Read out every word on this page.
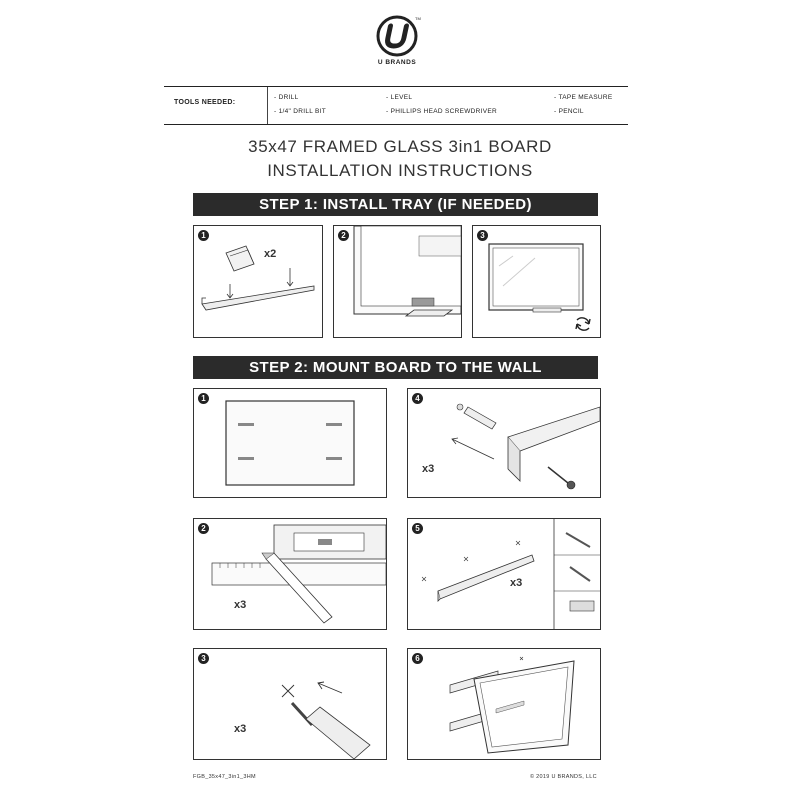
U BRANDS
TM
TOOLS NEEDED:
- DRILL
- 1/4" DRILL BIT
- LEVEL
- PHILLIPS HEAD SCREWDRIVER
- TAPE MEASURE
- PENCIL
35x47 FRAMED GLASS 3in1 BOARD
INSTALLATION INSTRUCTIONS
STEP 1: INSTALL TRAY (IF NEEDED)
1
x2
2	3
STEP 2: MOUNT BOARD TO THE WALL
1	4
x3
2
x3
5
x3
3
x3
6
FGB_35x47_3in1_3HM	© 2019 U BRANDS, LLC
